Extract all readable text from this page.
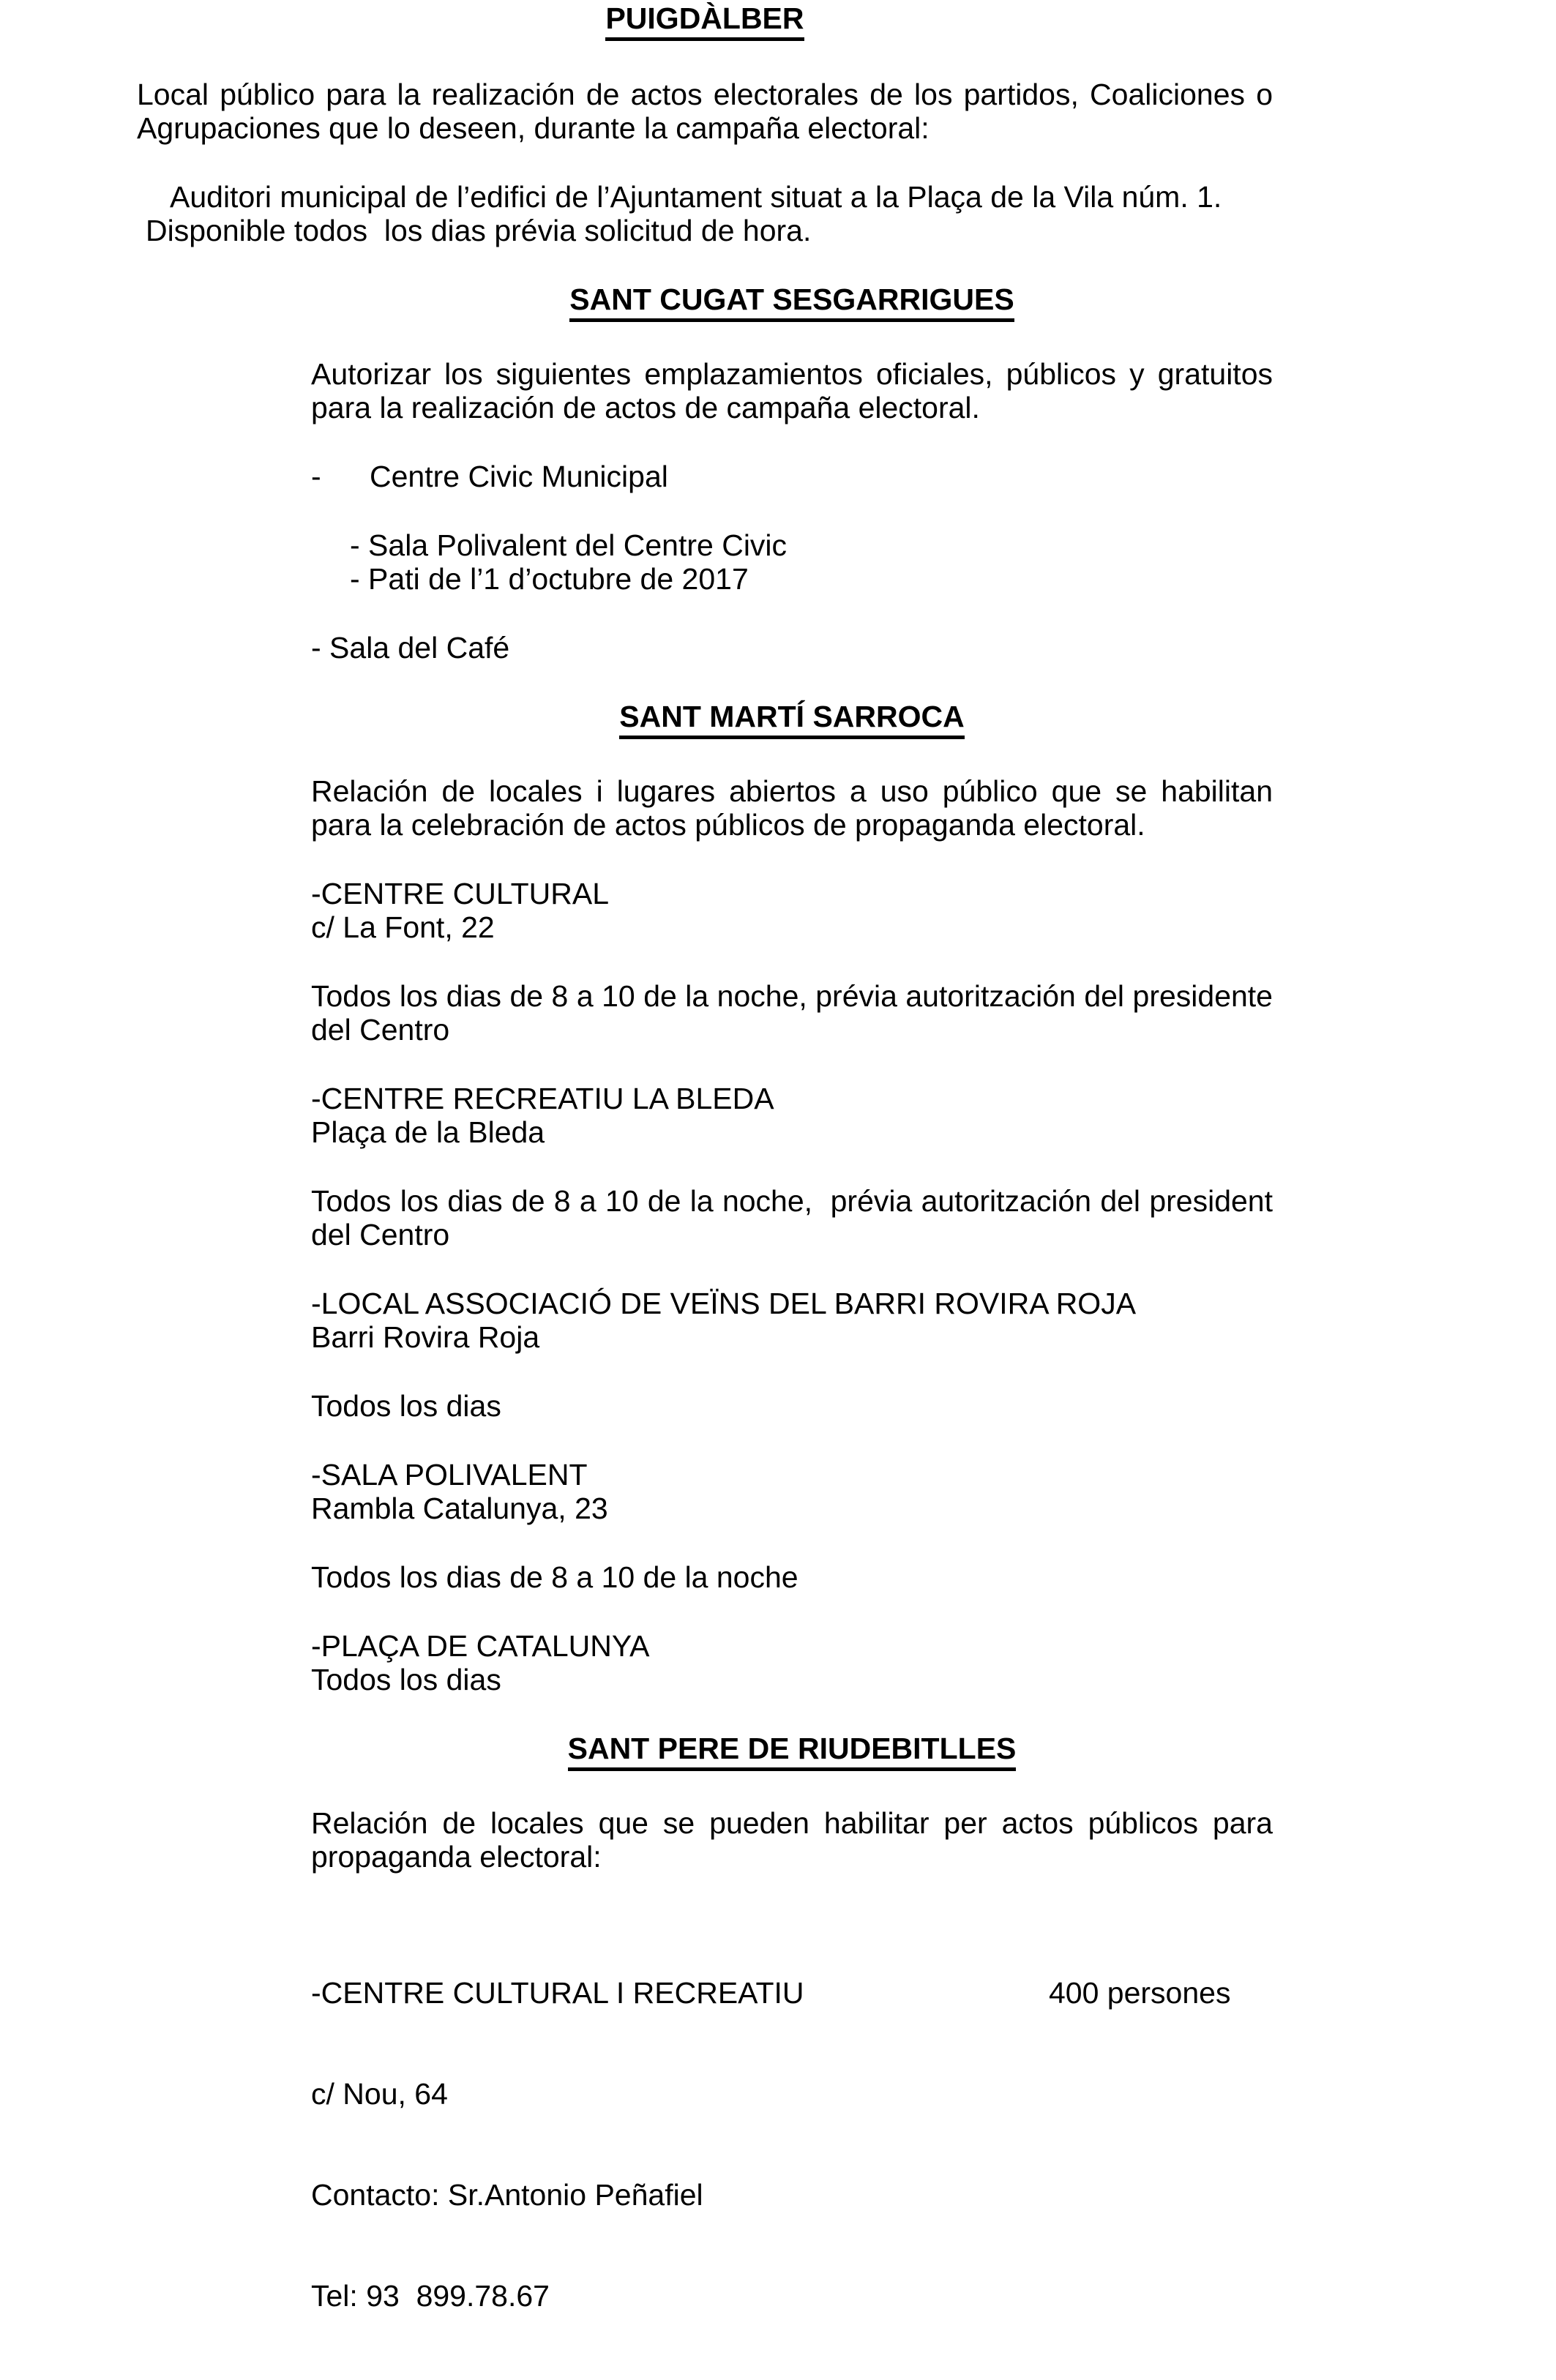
PUIGDÀLBER

Local público para la realización de actos electorales de los partidos, Coaliciones o Agrupaciones que lo deseen, durante la campaña electoral:

Auditori municipal de l’edifici de l’Ajuntament situat a la Plaça de la Vila núm. 1. Disponible todos  los dias prévia solicitud de hora.

SANT CUGAT SESGARRIGUES

Autorizar los siguientes emplazamientos oficiales, públicos y gratuitos para la realización de actos de campaña electoral.

- Centre Civic Municipal

- Sala Polivalent del Centre Civic
- Pati de l’1 d’octubre de 2017

- Sala del Café

SANT MARTÍ SARROCA

Relación de locales i lugares abiertos a uso público que se habilitan para la celebración de actos públicos de propaganda electoral.

-CENTRE CULTURAL
c/ La Font, 22

Todos los dias de 8 a 10 de la noche, prévia autoritzación del presidente del Centro

-CENTRE RECREATIU LA BLEDA
Plaça de la Bleda

Todos los dias de 8 a 10 de la noche,  prévia autoritzación del president del Centro

-LOCAL ASSOCIACIÓ DE VEÏNS DEL BARRI ROVIRA ROJA
Barri Rovira Roja

Todos los dias

-SALA POLIVALENT
Rambla Catalunya, 23

Todos los dias de 8 a 10 de la noche

-PLAÇA DE CATALUNYA
Todos los dias
SANT PERE DE RIUDEBITLLES

Relación de locales que se pueden habilitar per actos públicos para propaganda electoral:

-CENTRE CULTURAL I RECREATIU	400 persones

c/ Nou, 64

Contacto: Sr.Antonio Peñafiel

Tel: 93  899.78.67
